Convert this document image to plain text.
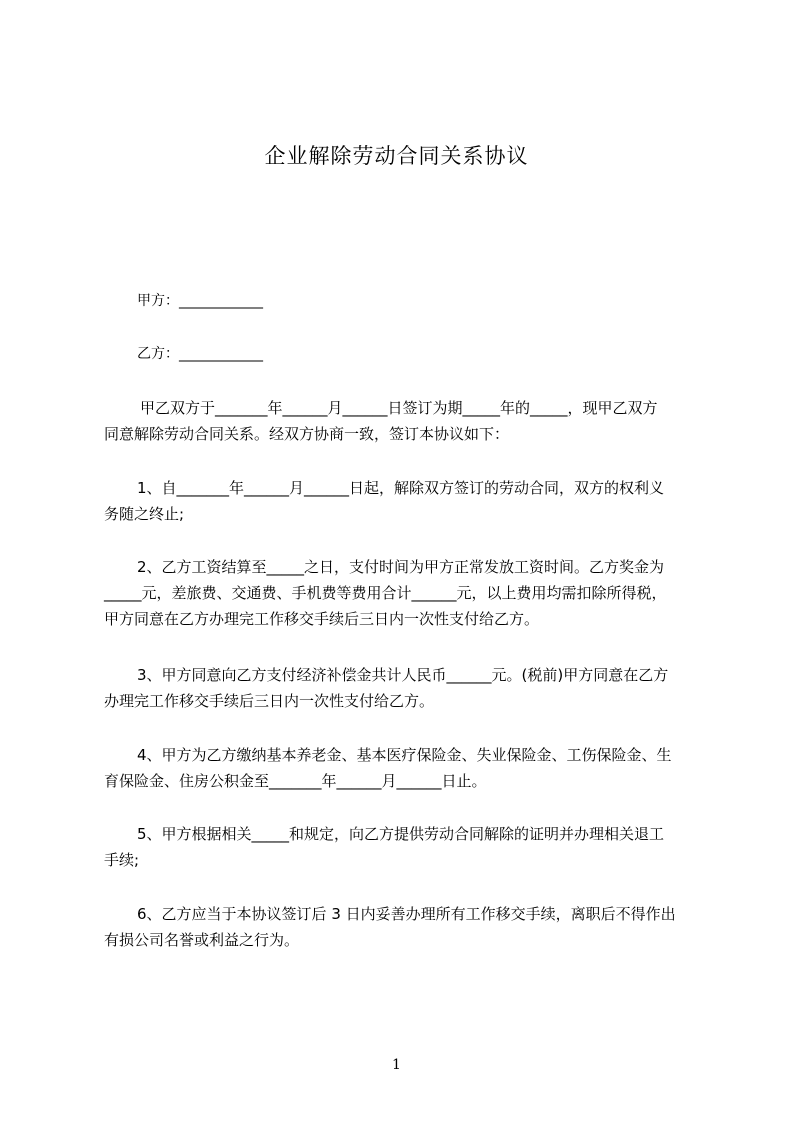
企业解除劳动合同关系协议
甲方：____________
乙方：____________
甲乙双方于_______年______月______日签订为期_____年的_____，现甲乙双方
同意解除劳动合同关系。经双方协商一致，签订本协议如下：
1、自_______年______月______日起，解除双方签订的劳动合同，双方的权利义
务随之终止;
2、乙方工资结算至_____之日，支付时间为甲方正常发放工资时间。乙方奖金为
_____元，差旅费、交通费、手机费等费用合计______元，以上费用均需扣除所得税，
甲方同意在乙方办理完工作移交手续后三日内一次性支付给乙方。
3、甲方同意向乙方支付经济补偿金共计人民币______元。(税前)甲方同意在乙方
办理完工作移交手续后三日内一次性支付给乙方。
4、甲方为乙方缴纳基本养老金、基本医疗保险金、失业保险金、工伤保险金、生
育保险金、住房公积金至_______年______月______日止。
5、甲方根据相关_____和规定，向乙方提供劳动合同解除的证明并办理相关退工
手续;
6、乙方应当于本协议签订后 3 日内妥善办理所有工作移交手续，离职后不得作出
有损公司名誉或利益之行为。
1
